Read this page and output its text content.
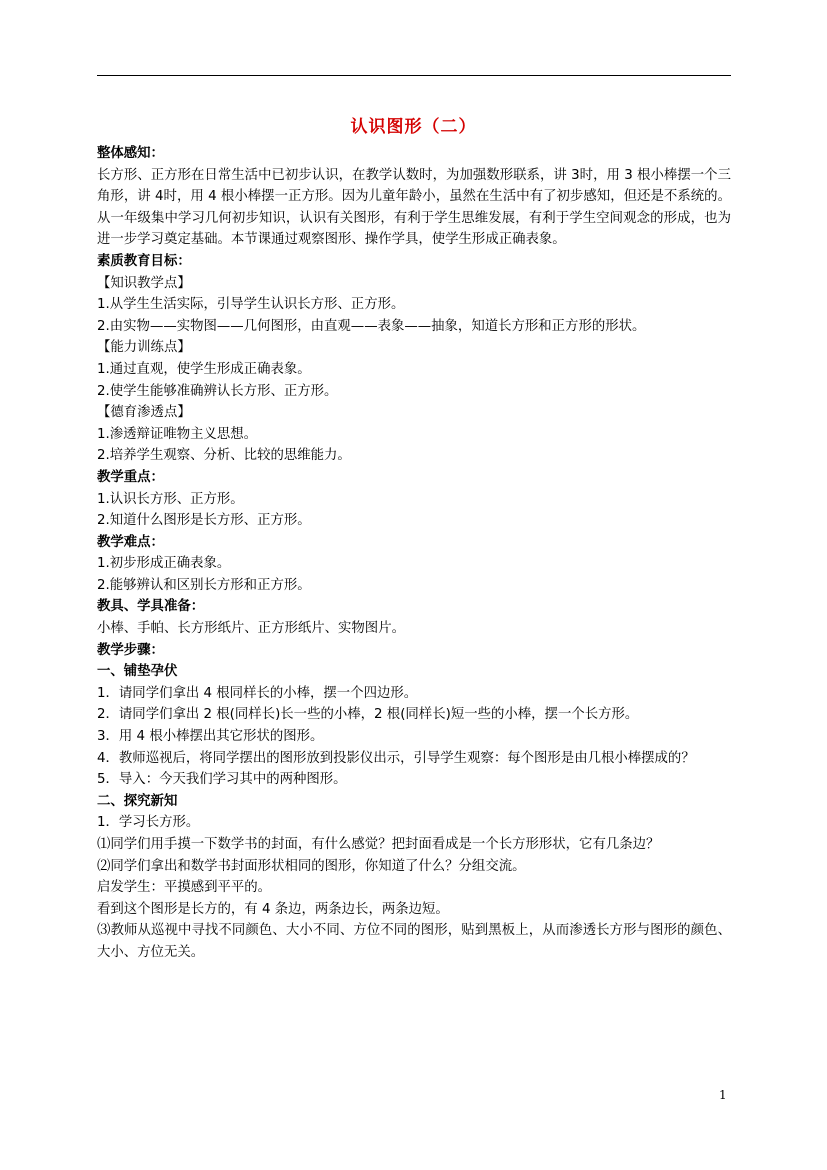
认识图形（二）
整体感知：
长方形、正方形在日常生活中已初步认识，在教学认数时，为加强数形联系，讲 3时，用 3 根小棒摆一个三角形，讲 4时，用 4 根小棒摆一正方形。因为儿童年龄小，虽然在生活中有了初步感知，但还是不系统的。从一年级集中学习几何初步知识，认识有关图形，有利于学生思维发展，有利于学生空间观念的形成，也为进一步学习奠定基础。本节课通过观察图形、操作学具，使学生形成正确表象。
素质教育目标：
【知识教学点】
1.从学生生活实际，引导学生认识长方形、正方形。
2.由实物——实物图——几何图形，由直观——表象——抽象，知道长方形和正方形的形状。
【能力训练点】
1.通过直观，使学生形成正确表象。
2.使学生能够准确辨认长方形、正方形。
【德育渗透点】
1.渗透辩证唯物主义思想。
2.培养学生观察、分析、比较的思维能力。
教学重点：
1.认识长方形、正方形。
2.知道什么图形是长方形、正方形。
教学难点：
1.初步形成正确表象。
2.能够辨认和区别长方形和正方形。
教具、学具准备：
小棒、手帕、长方形纸片、正方形纸片、实物图片。
教学步骤：
一、铺垫孕伏
1．请同学们拿出 4 根同样长的小棒，摆一个四边形。
2．请同学们拿出 2 根(同样长)长一些的小棒，2 根(同样长)短一些的小棒，摆一个长方形。
3．用 4 根小棒摆出其它形状的图形。
4．教师巡视后，将同学摆出的图形放到投影仪出示，引导学生观察：每个图形是由几根小棒摆成的？
5．导入：今天我们学习其中的两种图形。
二、探究新知
1．学习长方形。
⑴同学们用手摸一下数学书的封面，有什么感觉？把封面看成是一个长方形形状，它有几条边？
⑵同学们拿出和数学书封面形状相同的图形，你知道了什么？分组交流。
启发学生：平摸感到平平的。
看到这个图形是长方的，有 4 条边，两条边长，两条边短。
⑶教师从巡视中寻找不同颜色、大小不同、方位不同的图形，贴到黑板上，从而渗透长方形与图形的颜色、大小、方位无关。
1
